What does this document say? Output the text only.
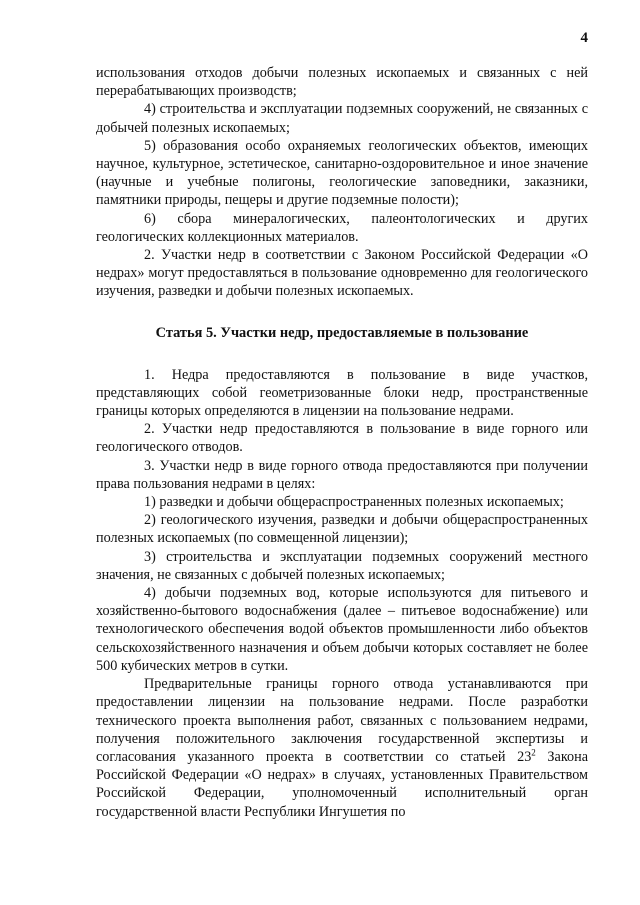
4

использования отходов добычи полезных ископаемых и связанных с ней перерабатывающих производств;

4) строительства и эксплуатации подземных сооружений, не связанных с добычей полезных ископаемых;

5) образования особо охраняемых геологических объектов, имеющих научное, культурное, эстетическое, санитарно-оздоровительное и иное значение (научные и учебные полигоны, геологические заповедники, заказники, памятники природы, пещеры и другие подземные полости);

6) сбора минералогических, палеонтологических и других геологических коллекционных материалов.

2. Участки недр в соответствии с Законом Российской Федерации «О недрах» могут предоставляться в пользование одновременно для геологического изучения, разведки и добычи полезных ископаемых.

Статья 5. Участки недр, предоставляемые в пользование

1. Недра предоставляются в пользование в виде участков, представляющих собой геометризованные блоки недр, пространственные границы которых определяются в лицензии на пользование недрами.

2. Участки недр предоставляются в пользование в виде горного или геологического отводов.

3. Участки недр в виде горного отвода предоставляются при получении права пользования недрами в целях:

1) разведки и добычи общераспространенных полезных ископаемых;

2) геологического изучения, разведки и добычи общераспространенных полезных ископаемых (по совмещенной лицензии);

3) строительства и эксплуатации подземных сооружений местного значения, не связанных с добычей полезных ископаемых;

4) добычи подземных вод, которые используются для питьевого и хозяйственно-бытового водоснабжения (далее – питьевое водоснабжение) или технологического обеспечения водой объектов промышленности либо объектов сельскохозяйственного назначения и объем добычи которых составляет не более 500 кубических метров в сутки.

Предварительные границы горного отвода устанавливаются при предоставлении лицензии на пользование недрами. После разработки технического проекта выполнения работ, связанных с пользованием недрами, получения положительного заключения государственной экспертизы и согласования указанного проекта в соответствии со статьей $23^2$ Закона Российской Федерации «О недрах» в случаях, установленных Правительством Российской Федерации, уполномоченный исполнительный орган государственной власти Республики Ингушетия по
